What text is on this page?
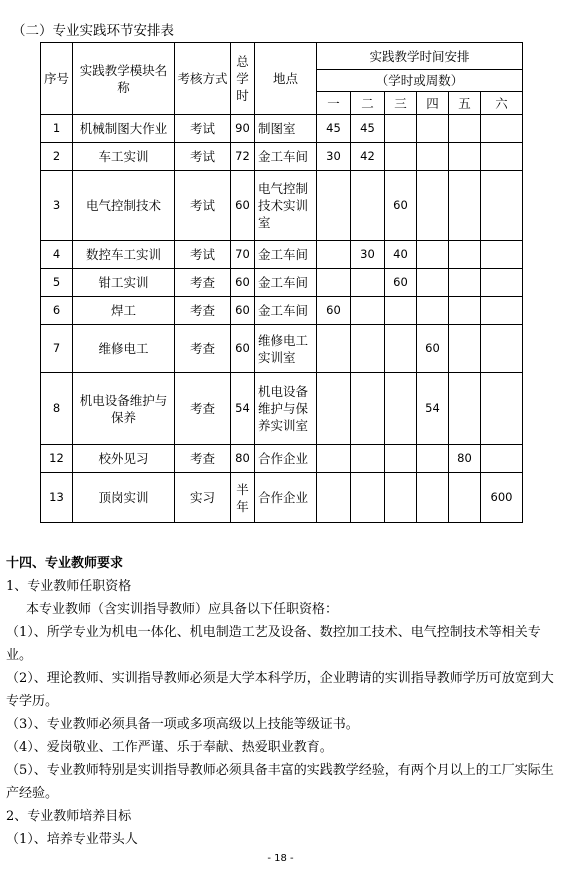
（二）专业实践环节安排表
序号	实践教学模块名称	考核方式	总学时	地点	实践教学时间安排					
					（学时或周数）					
					一	二	三	四	五	六
1	机械制图大作业	考试	90	制图室	45	45				
2	车工实训	考试	72	金工车间	30	42				
3	电气控制技术	考试	60	电气控制技术实训室			60			
4	数控车工实训	考试	70	金工车间		30	40			
5	钳工实训	考查	60	金工车间			60			
6	焊工	考查	60	金工车间	60					
7	维修电工	考查	60	维修电工实训室				60		
8	机电设备维护与保养	考查	54	机电设备维护与保养实训室				54		
12	校外见习	考查	80	合作企业					80	
13	顶岗实训	实习	半年	合作企业						600
十四、专业教师要求
1、专业教师任职资格
本专业教师（含实训指导教师）应具备以下任职资格：
（1）、所学专业为机电一体化、机电制造工艺及设备、数控加工技术、电气控制技术等相关专业。
（2）、理论教师、实训指导教师必须是大学本科学历，企业聘请的实训指导教师学历可放宽到大专学历。
（3）、专业教师必须具备一项或多项高级以上技能等级证书。
（4）、爱岗敬业、工作严谨、乐于奉献、热爱职业教育。
（5）、专业教师特别是实训指导教师必须具备丰富的实践教学经验，有两个月以上的工厂实际生产经验。
2、专业教师培养目标
（1）、培养专业带头人
- 18 -
